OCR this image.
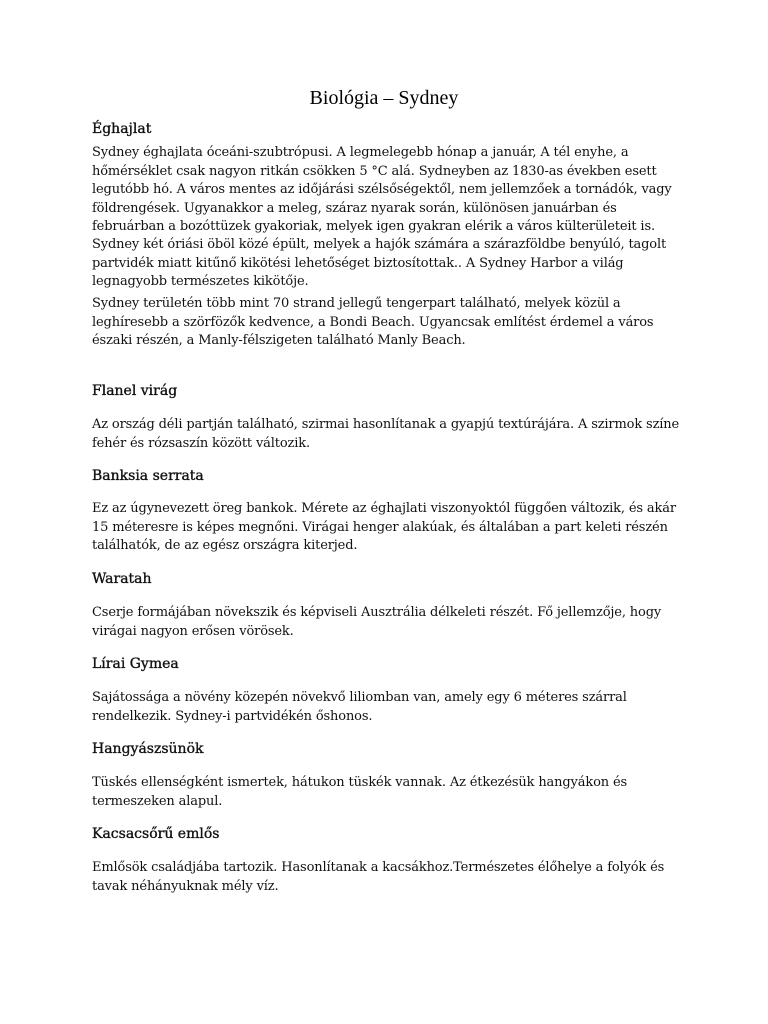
Biológia – Sydney
Éghajlat

Sydney éghajlata óceáni-szubtrópusi. A legmelegebb hónap a január, A tél enyhe, a hőmérséklet csak nagyon ritkán csökken 5 °C alá. Sydneyben az 1830-as években esett legutóbb hó. A város mentes az időjárási szélsőségektől, nem jellemzőek a tornádók, vagy földrengések. Ugyanakkor a meleg, száraz nyarak során, különösen januárban és februárban a bozóttüzek gyakoriak, melyek igen gyakran elérik a város külterületeit is.

Sydney két óriási öböl közé épült, melyek a hajók számára a szárazföldbe benyúló, tagolt partvidék miatt kitűnő kikötési lehetőséget biztosítottak.. A Sydney Harbor a világ legnagyobb természetes kikötője.

Sydney területén több mint 70 strand jellegű tengerpart található, melyek közül a leghíresebb a szörfözők kedvence, a Bondi Beach. Ugyancsak említést érdemel a város északi részén, a Manly-félszigeten található Manly Beach.

Flanel virág

Az ország déli partján található, szirmai hasonlítanak a gyapjú textúrájára. A szirmok színe fehér és rózsaszín között változik.

Banksia serrata

Ez az úgynevezett öreg bankok. Mérete az éghajlati viszonyoktól függően változik, és akár 15 méteresre is képes megnőni. Virágai henger alakúak, és általában a part keleti részén találhatók, de az egész országra kiterjed.

Waratah

Cserje formájában növekszik és képviseli Ausztrália délkeleti részét. Fő jellemzője, hogy virágai nagyon erősen vörösek.

Lírai Gymea

Sajátossága a növény közepén növekvő liliomban van, amely egy 6 méteres szárral rendelkezik. Sydney-i partvidékén őshonos.

Hangyászsünök

Tüskés ellenségként ismertek, hátukon tüskék vannak. Az étkezésük hangyákon és termeszeken alapul.

Kacsacsőrű emlős

Emlősök családjába tartozik. Hasonlítanak a kacsákhoz.Természetes élőhelye a folyók és tavak néhányuknak mély víz.
